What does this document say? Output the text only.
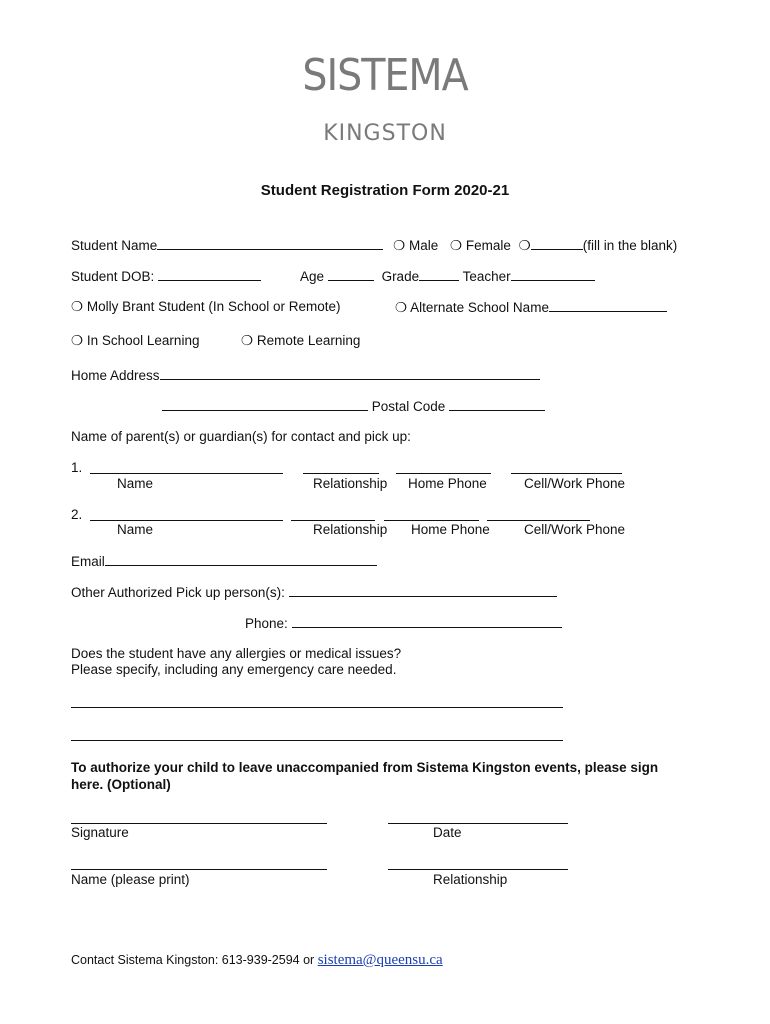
SISTEMA
KINGSTON
Student Registration Form 2020-21
Student Name	❍ Male ❍ Female ❍	(fill in the blank)
Student DOB:	Age	Grade	Teacher
❍ Molly Brant Student (In School or Remote)	❍ Alternate School Name
❍ In School Learning	❍ Remote Learning
Home Address
Postal Code
Name of parent(s) or guardian(s) for contact and pick up:
1.
Name	Relationship Home Phone	Cell/Work Phone
2.
Name	Relationship Home Phone	Cell/Work Phone
Email
Other Authorized Pick up person(s):
Phone:
Does the student have any allergies or medical issues?
Please specify, including any emergency care needed.
To authorize your child to leave unaccompanied from Sistema Kingston events, please sign here. (Optional)
Signature	Date
Name (please print)	Relationship
Contact Sistema Kingston: 613-939-2594 or sistema@queensu.ca
